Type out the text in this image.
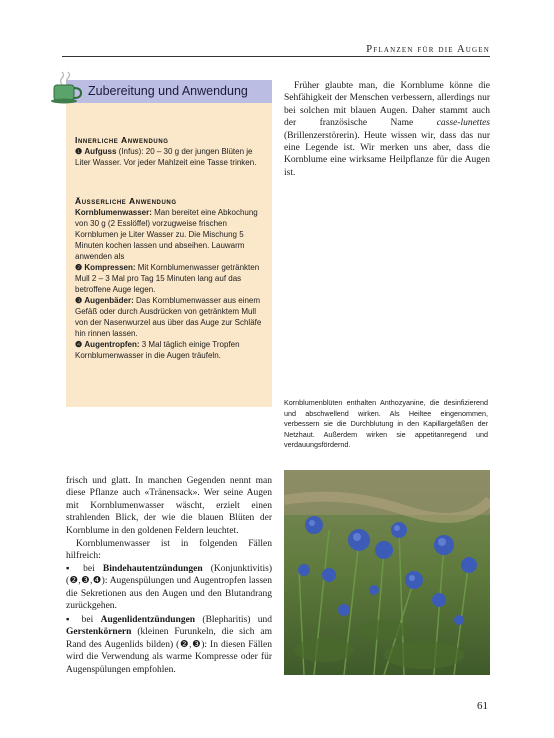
Pflanzen für die Augen
Zubereitung und Anwendung
Innerliche Anwendung
❶ Aufguss (Infus): 20 – 30 g der jungen Blüten je Liter Wasser. Vor jeder Mahlzeit eine Tasse trinken.
Äusserliche Anwendung
Kornblumenwasser: Man bereitet eine Abkochung von 30 g (2 Esslöffel) vorzugweise frischen Kornblumen je Liter Wasser zu. Die Mischung 5 Minuten kochen lassen und abseihen. Lauwarm anwenden als
❷ Kompressen: Mit Kornblumenwasser getränkten Mull 2 – 3 Mal pro Tag 15 Minuten lang auf das betroffene Auge legen.
❸ Augenbäder: Das Kornblumenwasser aus einem Gefäß oder durch Ausdrücken von getränktem Mull von der Nasenwurzel aus über das Auge zur Schläfe hin rinnen lassen.
❹ Augentropfen: 3 Mal täglich einige Tropfen Kornblumenwasser in die Augen träufeln.
Früher glaubte man, die Kornblume könne die Sehfähigkeit der Menschen verbessern, allerdings nur bei solchen mit blauen Augen. Daher stammt auch der französische Name casse-lunettes (Brillenzerstörerin). Heute wissen wir, dass das nur eine Legende ist. Wir merken uns aber, dass die Kornblume eine wirksame Heilpflanze für die Augen ist.
Kornblumenblüten enthalten Anthozyanine, die desinfizierend und abschwellend wirken. Als Heiltee eingenommen, verbessern sie die Durchblutung in den Kapillargefäßen der Netzhaut. Außerdem wirken sie appetitanregend und verdauungsfördernd.
frisch und glatt. In manchen Gegenden nennt man diese Pflanze auch «Tränensack». Wer seine Augen mit Kornblumenwasser wäscht, erzielt einen strahlenden Blick, der wie die blauen Blüten der Kornblume in den goldenen Feldern leuchtet.
Kornblumenwasser ist in folgenden Fällen hilfreich:
▪ bei Bindehautentzündungen (Konjunktivitis) (❷,❸,❹): Augenspülungen und Augentropfen lassen die Sekretionen aus den Augen und den Blutandrang zurückgehen.
▪ bei Augenlidentzündungen (Blepharitis) und Gerstenkörnern (kleinen Furunkeln, die sich am Rand des Augenlids bilden) (❷,❸): In diesen Fällen wird die Verwendung als warme Kompresse oder für Augenspülungen empfohlen.
61
